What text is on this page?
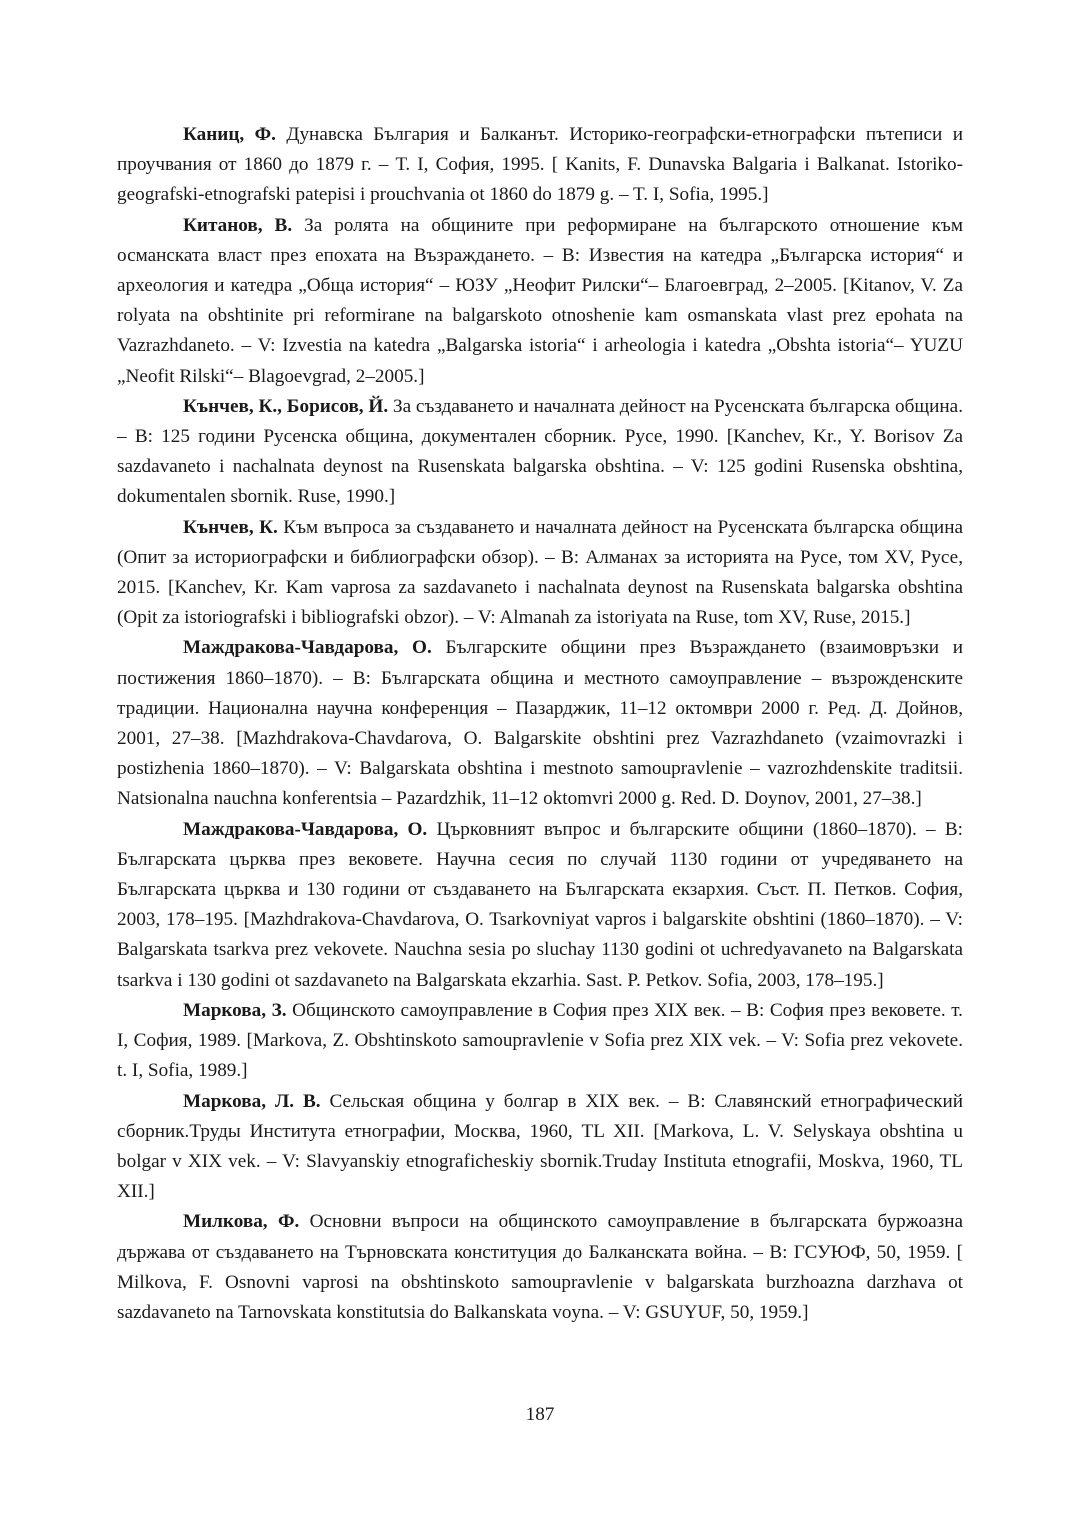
Каниц, Ф. Дунавска България и Балканът. Историко-географски-етнографски пътеписи и проучвания от 1860 до 1879 г. – Т. I, София, 1995. [ Kanits, F. Dunavska Balgaria i Balkanat. Istoriko-geografski-etnografski patepisi i prouchvania ot 1860 do 1879 g. – T. I, Sofia, 1995.]

Китанов, В. За ролята на общините при реформиране на българското отношение към османската власт през епохата на Възраждането. – В: Известия на катедра „Българска история“ и археология и катедра „Обща история“ – ЮЗУ „Неофит Рилски“– Благоевград, 2–2005. [Kitanov, V. Za rolyata na obshtinite pri reformirane na balgarskoto otnoshenie kam osmanskata vlast prez epohata na Vazrazhdaneto. – V: Izvestia na katedra „Balgarska istoria“ i arheologia i katedra „Obshta istoria“– YUZU „Neofit Rilski“– Blagoevgrad, 2–2005.]

Кънчев, К., Борисов, Й. За създаването и началната дейност на Русенската българска община. – В: 125 години Русенска община, документален сборник. Русе, 1990. [Kanchev, Kr., Y. Borisov Za sazdavaneto i nachalnata deynost na Rusenskata balgarska obshtina. – V: 125 godini Rusenska obshtina, dokumentalen sbornik. Ruse, 1990.]

Кънчев, К. Към въпроса за създаването и началната дейност на Русенската българска община (Опит за историографски и библиографски обзор). – В: Алманах за историята на Русе, том XV, Русе, 2015. [Kanchev, Kr. Kam vaprosa za sazdavaneto i nachalnata deynost na Rusenskata balgarska obshtina (Opit za istoriografski i bibliografski obzor). – V: Almanah za istoriyata na Ruse, tom XV, Ruse, 2015.]

Маждракова-Чавдарова, О. Българските общини през Възраждането (взаимовръзки и постижения 1860–1870). – В: Българската община и местното самоуправление – възрожденските традиции. Национална научна конференция – Пазарджик, 11–12 октомври 2000 г. Ред. Д. Дойнов, 2001, 27–38. [Mazhdrakova-Chavdarova, O. Balgarskite obshtini prez Vazrazhdaneto (vzaimovrazki i postizhenia 1860–1870). – V: Balgarskata obshtina i mestnoto samoupravlenie – vazrozhdenskite traditsii. Natsionalna nauchna konferentsia – Pazardzhik, 11–12 oktomvri 2000 g. Red. D. Doynov, 2001, 27–38.]

Маждракова-Чавдарова, О. Църковният въпрос и българските общини (1860–1870). – В: Българската църква през вековете. Научна сесия по случай 1130 години от учредяването на Българската църква и 130 години от създаването на Българската екзархия. Съст. П. Петков. София, 2003, 178–195. [Mazhdrakova-Chavdarova, O. Tsarkovniyat vapros i balgarskite obshtini (1860–1870). – V: Balgarskata tsarkva prez vekovete. Nauchna sesia po sluchay 1130 godini ot uchredyavaneto na Balgarskata tsarkva i 130 godini ot sazdavaneto na Balgarskata ekzarhia. Sast. P. Petkov. Sofia, 2003, 178–195.]

Маркова, З. Общинското самоуправление в София през XIX век. – В: София през вековете. т. I, София, 1989. [Markova, Z. Obshtinskoto samoupravlenie v Sofia prez XIX vek. – V: Sofia prez vekovete. t. I, Sofia, 1989.]

Маркова, Л. В. Сельская община у болгар в XIX век. – В: Славянский етнографический сборник.Труды Института етнографии, Москва, 1960, TL XII. [Markova, L. V. Selyskaya obshtina u bolgar v XIX vek. – V: Slavyanskiy etnograficheskiy sbornik.Truday Instituta etnografii, Moskva, 1960, TL XII.]

Милкова, Ф. Основни въпроси на общинското самоуправление в българската буржоазна държава от създаването на Търновската конституция до Балканската война. – В: ГСУЮФ, 50, 1959. [ Milkova, F. Osnovni vaprosi na obshtinskoto samoupravlenie v balgarskata burzhoazna darzhava ot sazdavaneto na Tarnovskata konstitutsia do Balkanskata voyna. – V: GSUYUF, 50, 1959.]

187
